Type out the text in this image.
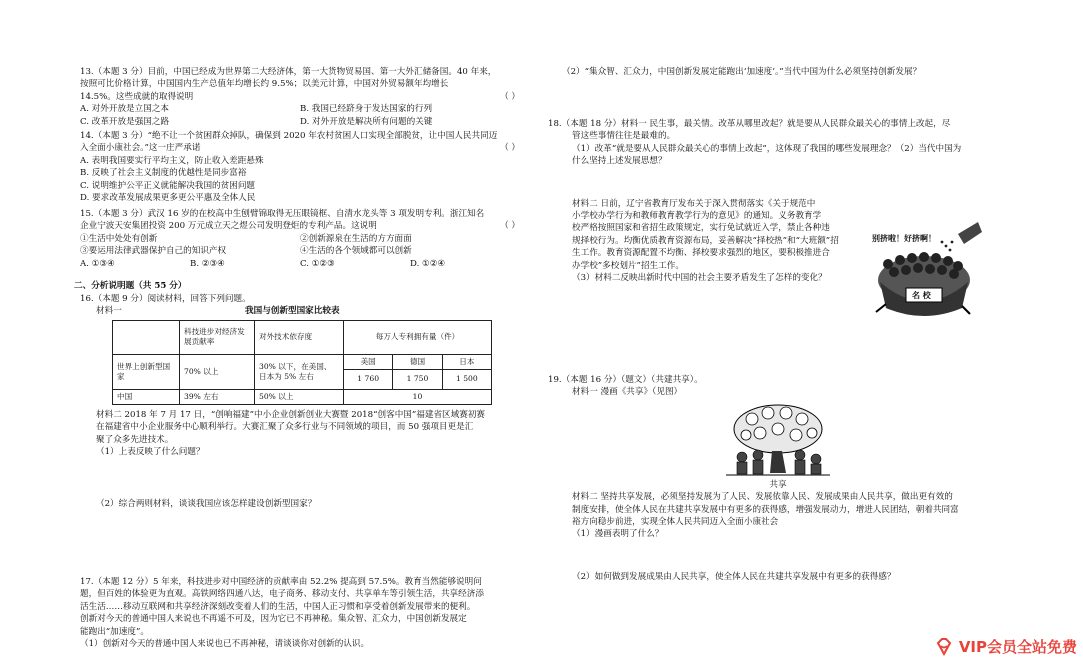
13.（本题 3 分）目前，中国已经成为世界第二大经济体，第一大货物贸易国、第一大外汇储备国。40 年来，
按照可比价格计算，中国国内生产总值年均增长约 9.5%；以美元计算，中国对外贸易额年均增长
14.5%。这些成就的取得说明	（ ）
A. 对外开放是立国之本	B. 我国已经跻身于发达国家的行列
C. 改革开放是强国之路	D. 对外开放是解决所有问题的关键
14.（本题 3 分）“绝不让一个贫困群众掉队，确保到 2020 年农村贫困人口实现全部脱贫，让中国人民共同迈
入全面小康社会。”这一庄严承诺	（ ）
A. 表明我国要实行平均主义，防止收入差距悬殊
B. 反映了社会主义制度的优越性是同步富裕
C. 说明维护公平正义就能解决我国的贫困问题
D. 要求改革发展成果更多更公平惠及全体人民
15.（本题 3 分）武汉 16 岁的在校高中生刨臂锦取得无压眼镜框、自清水龙头等 3 项发明专利。浙江知名
企业宁波天安集团投资 200 万元成立天之煜公司发明登炬的专利产品。这说明	（ ）
①生活中处处有创新	②创新源泉在生活的方方面面
③要运用法律武器保护自己的知识产权	④生活的各个领域都可以创新
A. ①③④	B. ②③④	C. ①②③	D. ①②④
二、分析说明题（共 55 分）
16.（本题 9 分）阅读材料，回答下列问题。
材料一	我国与创新型国家比较表
	科技进步对经济发展贡献率	对外技术依存度	每万人专利拥有量（件）		
世界上创新型国家	70% 以上	30% 以下，在美国、日本为 5% 左右	美国	德国	日本
			1 760	1 750	1 500
中国	39% 左右	50% 以上	10		
材料二 2018 年 7 月 17 日，“创响福建”中小企业创新创业大赛暨 2018“创客中国”福建省区域赛初赛
在福建省中小企业服务中心顺利举行。大赛汇聚了众多行业与不同领域的项目，而 50 强项目更是汇
聚了众多先进技术。
（1）上表反映了什么问题？
（2）综合两则材料，谈谈我国应该怎样建设创新型国家？
17.（本题 12 分）5 年来，科技进步对中国经济的贡献率由 52.2% 提高到 57.5%。教育当然能够说明问
题，但百姓的体验更为直观。高铁网络四通八达，电子商务、移动支付、共享单车等引领生活，共享经济添
活生活……移动互联网和共享经济深刻改变着人们的生活，中国人正习惯和享受着创新发展带来的便利。
创新对今天的普通中国人来说也不再遥不可及，因为它已不再神秘。集众智、汇众力，中国创新发展定
能跑出“加速度”。
（1）创新对今天的普通中国人来说也已不再神秘，请谈谈你对创新的认识。
（2）“集众智、汇众力，中国创新发展定能跑出‘加速度’。”当代中国为什么必须坚持创新发展？
18.（本题 18 分）材料一 民生事，最关情。改革从哪里改起？就是要从人民群众最关心的事情上改起，尽
管这些事情往往是最难的。
（1）改革“就是要从人民群众最关心的事情上改起”，这体现了我国的哪些发展理念？（2）当代中国为
什么坚持上述发展思想？
材料二 日前，辽宁省教育厅发布关于深入贯彻落实《关于规范中
小学校办学行为和教师教育教学行为的意见》的通知。义务教育学
校严格按照国家和省招生政策规定，实行免试就近入学，禁止各种违
规择校行为。均衡优质教育资源布局，妥善解决“择校热”和“大班额”招
生工作。教育资源配置不均衡、择校要求强烈的地区，要积极推进合
办学校”多校划片”招生工作。
（3）材料二反映出新时代中国的社会主要矛盾发生了怎样的变化？
别挤啦！好挤啊！
名 校
19.（本题 16 分）（题文）（共建共享）。
材料一 漫画《共享》（见图）
共享
材料二 坚持共享发展，必须坚持发展为了人民、发展依靠人民、发展成果由人民共享，做出更有效的
制度安排，使全体人民在共建共享发展中有更多的获得感，增强发展动力，增进人民团结，朝着共同富
裕方向稳步前进，实现全体人民共同迈入全面小康社会
（1）漫画表明了什么？
（2）如何做到发展成果由人民共享，使全体人民在共建共享发展中有更多的获得感？
VIP会员全站免费
